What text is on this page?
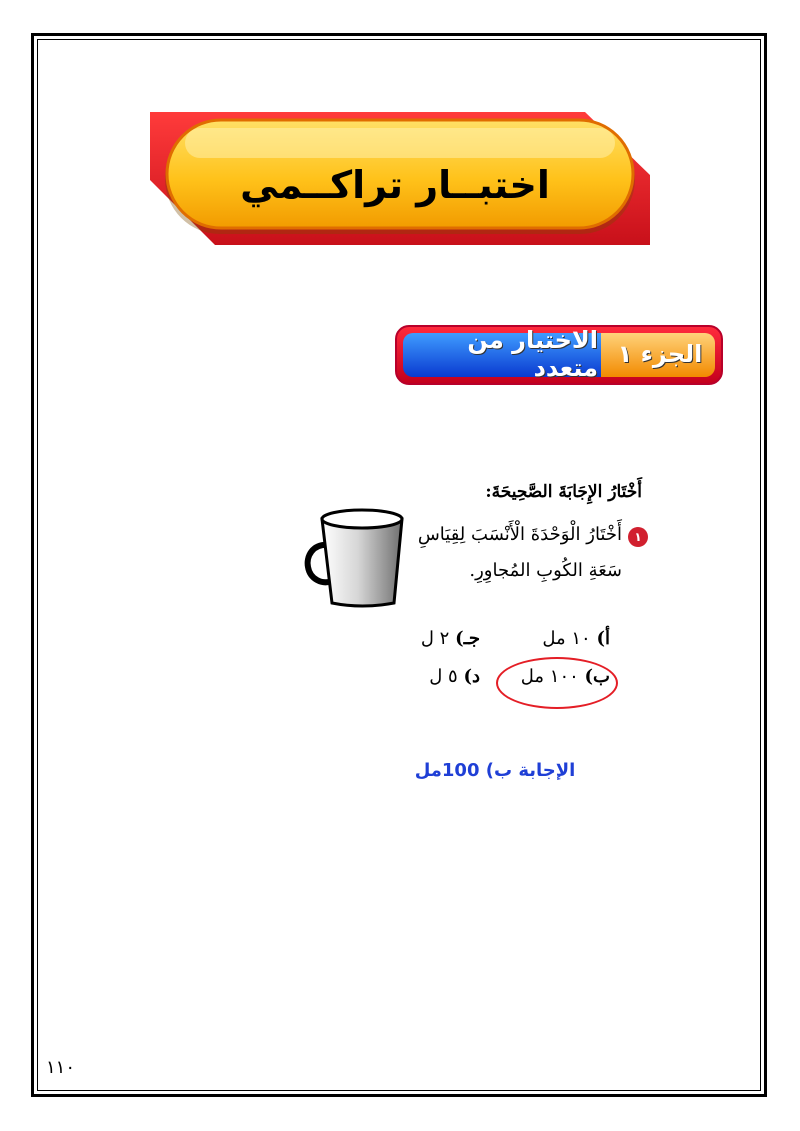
اختبــار تراكــمي
الجزء ١
الاختيار من متعدد
أَخْتَارُ الإِجَابَةَ الصَّحِيحَةَ:
١
أَخْتَارُ الْوَحْدَةَ الْأَنْسَبَ لِقِيَاسِ
سَعَةِ الكُوبِ المُجاوِرِ.
أ) ١٠ مل
جـ) ٢ ل
ب) ١٠٠ مل
د) ٥ ل
الإجابة ب) 100مل
١١٠
